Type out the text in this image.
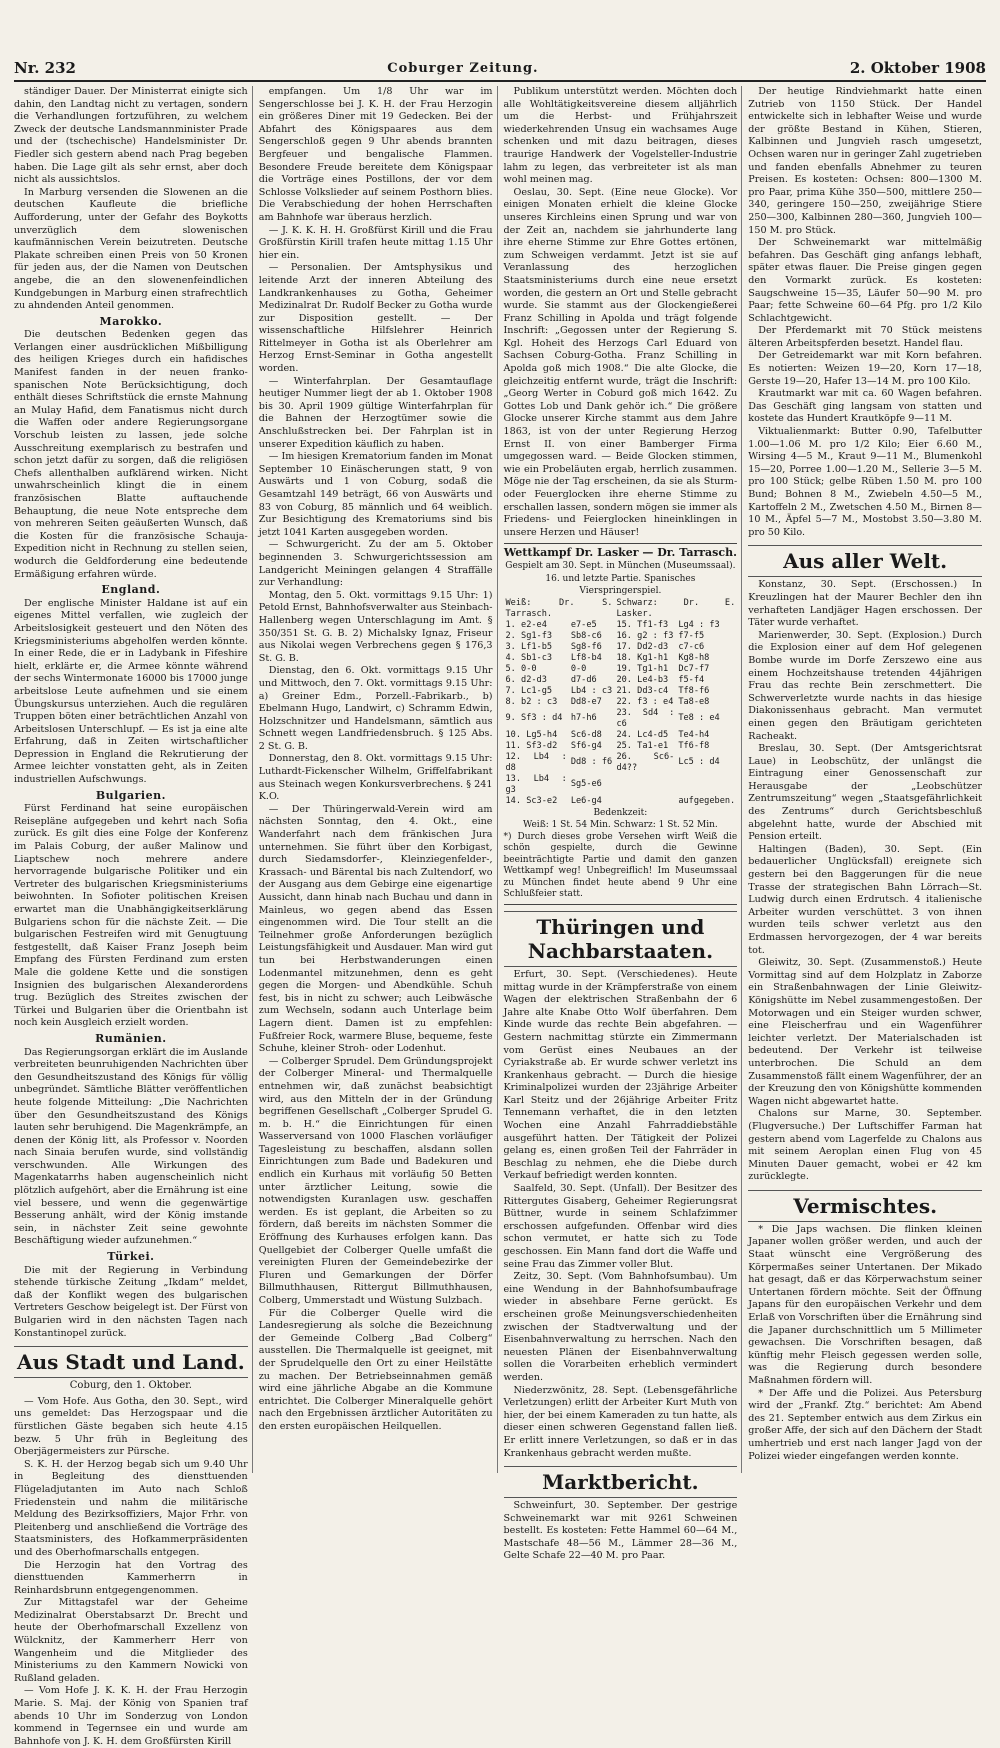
Nr. 232	Coburger Zeitung.	2. Oktober 1908

ständiger Dauer. Der Ministerrat einigte sich dahin, den Landtag nicht zu vertagen, sondern die Verhandlungen fortzuführen, zu welchem Zweck der deutsche Landsmannminister Prade und der (tschechische) Handelsminister Dr. Fiedler sich gestern abend nach Prag begeben haben. Die Lage gilt als sehr ernst, aber doch nicht als aussichtslos.

In Marburg versenden die Slowenen an die deutschen Kaufleute die briefliche Aufforderung, unter der Gefahr des Boykotts unverzüglich dem slowenischen kaufmännischen Verein beizutreten. Deutsche Plakate schreiben einen Preis von 50 Kronen für jeden aus, der die Namen von Deutschen angebe, die an den slowenenfeindlichen Kundgebungen in Marburg einen strafrechtlich zu ahndenden Anteil genommen.

Marokko.

Die deutschen Bedenken gegen das Verlangen einer ausdrücklichen Mißbilligung des heiligen Krieges durch ein hafidisches Manifest fanden in der neuen franko-spanischen Note Berücksichtigung, doch enthält dieses Schriftstück die ernste Mahnung an Mulay Hafid, dem Fanatismus nicht durch die Waffen oder andere Regierungsorgane Vorschub leisten zu lassen, jede solche Ausschreitung exemplarisch zu bestrafen und schon jetzt dafür zu sorgen, daß die religiösen Chefs allenthalben aufklärend wirken. Nicht unwahrscheinlich klingt die in einem französischen Blatte auftauchende Behauptung, die neue Note entspreche dem von mehreren Seiten geäußerten Wunsch, daß die Kosten für die französische Schauja-Expedition nicht in Rechnung zu stellen seien, wodurch die Geldforderung eine bedeutende Ermäßigung erfahren würde.

England.

Der englische Minister Haldane ist auf ein eigenes Mittel verfallen, wie zugleich der Arbeitslosigkeit gesteuert und den Nöten des Kriegsministeriums abgeholfen werden könnte. In einer Rede, die er in Ladybank in Fifeshire hielt, erklärte er, die Armee könnte während der sechs Wintermonate 16000 bis 17000 junge arbeitslose Leute aufnehmen und sie einem Übungskursus unterziehen. Auch die regulären Truppen böten einer beträchtlichen Anzahl von Arbeitslosen Unterschlupf. — Es ist ja eine alte Erfahrung, daß in Zeiten wirtschaftlicher Depression in England die Rekrutierung der Armee leichter vonstatten geht, als in Zeiten industriellen Aufschwungs.

Bulgarien.

Fürst Ferdinand hat seine europäischen Reisepläne aufgegeben und kehrt nach Sofia zurück. Es gilt dies eine Folge der Konferenz im Palais Coburg, der außer Malinow und Liaptschew noch mehrere andere hervorragende bulgarische Politiker und ein Vertreter des bulgarischen Kriegsministeriums beiwohnten. In Sofioter politischen Kreisen erwartet man die Unabhängigkeitserklärung Bulgariens schon für die nächste Zeit. — Die bulgarischen Festreifen wird mit Genugtuung festgestellt, daß Kaiser Franz Joseph beim Empfang des Fürsten Ferdinand zum ersten Male die goldene Kette und die sonstigen Insignien des bulgarischen Alexanderordens trug. Bezüglich des Streites zwischen der Türkei und Bulgarien über die Orientbahn ist noch kein Ausgleich erzielt worden.

Rumänien.

Das Regierungsorgan erklärt die im Auslande verbreiteten beunruhigenden Nachrichten über den Gesundheitszustand des Königs für völlig unbegründet. Sämtliche Blätter veröffentlichen heute folgende Mitteilung: „Die Nachrichten über den Gesundheitszustand des Königs lauten sehr beruhigend. Die Magenkrämpfe, an denen der König litt, als Professor v. Noorden nach Sinaia berufen wurde, sind vollständig verschwunden. Alle Wirkungen des Magenkatarrhs haben augenscheinlich nicht plötzlich aufgehört, aber die Ernährung ist eine viel bessere, und wenn die gegenwärtige Besserung anhält, wird der König imstande sein, in nächster Zeit seine gewohnte Beschäftigung wieder aufzunehmen.“

Türkei.

Die mit der Regierung in Verbindung stehende türkische Zeitung „Ikdam“ meldet, daß der Konflikt wegen des bulgarischen Vertreters Geschow beigelegt ist. Der Fürst von Bulgarien wird in den nächsten Tagen nach Konstantinopel zurück.

Aus Stadt und Land.
Coburg, den 1. Oktober.

— Vom Hofe. Aus Gotha, den 30. Sept., wird uns gemeldet: Das Herzogspaar und die fürstlichen Gäste begaben sich heute 4.15 bezw. 5 Uhr früh in Begleitung des Oberjägermeisters zur Pürsche.

S. K. H. der Herzog begab sich um 9.40 Uhr in Begleitung des diensttuenden Flügeladjutanten im Auto nach Schloß Friedenstein und nahm die militärische Meldung des Bezirksoffiziers, Major Frhr. von Pleitenberg und anschließend die Vorträge des Staatsministers, des Hofkammerpräsidenten und des Oberhofmarschalls entgegen.

Die Herzogin hat den Vortrag des diensttuenden Kammerherrn in Reinhardsbrunn entgegengenommen.

Zur Mittagstafel war der Geheime Medizinalrat Oberstabsarzt Dr. Brecht und heute der Oberhofmarschall Exzellenz von Wülcknitz, der Kammerherr Herr von Wangenheim und die Mitglieder des Ministeriums zu den Kammern Nowicki von Rußland geladen.

— Vom Hofe J. K. K. H. der Frau Herzogin Marie. S. Maj. der König von Spanien traf abends 10 Uhr im Sonderzug von London kommend in Tegernsee ein und wurde am Bahnhofe von J. K. H. dem Großfürsten Kirill

empfangen. Um 1/8 Uhr war im Sengerschlosse bei J. K. H. der Frau Herzogin ein größeres Diner mit 19 Gedecken. Bei der Abfahrt des Königspaares aus dem Sengerschloß gegen 9 Uhr abends brannten Bergfeuer und bengalische Flammen. Besondere Freude bereitete dem Königspaar die Vorträge eines Postillons, der vor dem Schlosse Volkslieder auf seinem Posthorn blies. Die Verabschiedung der hohen Herrschaften am Bahnhofe war überaus herzlich.

— J. K. K. H. H. Großfürst Kirill und die Frau Großfürstin Kirill trafen heute mittag 1.15 Uhr hier ein.

— Personalien. Der Amtsphysikus und leitende Arzt der inneren Abteilung des Landkrankenhauses zu Gotha, Geheimer Medizinalrat Dr. Rudolf Becker zu Gotha wurde zur Disposition gestellt. — Der wissenschaftliche Hilfslehrer Heinrich Rittelmeyer in Gotha ist als Oberlehrer am Herzog Ernst-Seminar in Gotha angestellt worden.

— Winterfahrplan. Der Gesamtauflage heutiger Nummer liegt der ab 1. Oktober 1908 bis 30. April 1909 gültige Winterfahrplan für die Bahnen der Herzogtümer sowie die Anschlußstrecken bei. Der Fahrplan ist in unserer Expedition käuflich zu haben.

— Im hiesigen Krematorium fanden im Monat September 10 Einäscherungen statt, 9 von Auswärts und 1 von Coburg, sodaß die Gesamtzahl 149 beträgt, 66 von Auswärts und 83 von Coburg, 85 männlich und 64 weiblich. Zur Besichtigung des Krematoriums sind bis jetzt 1041 Karten ausgegeben worden.

— Schwurgericht. Zu der am 5. Oktober beginnenden 3. Schwurgerichtssession am Landgericht Meiningen gelangen 4 Straffälle zur Verhandlung:

Montag, den 5. Okt. vormittags 9.15 Uhr: 1) Petold Ernst, Bahnhofsverwalter aus Steinbach-Hallenberg wegen Unterschlagung im Amt. § 350/351 St. G. B. 2) Michalsky Ignaz, Friseur aus Nikolai wegen Verbrechens gegen § 176,3 St. G. B.

Dienstag, den 6. Okt. vormittags 9.15 Uhr und Mittwoch, den 7. Okt. vormittags 9.15 Uhr: a) Greiner Edm., Porzell.-Fabrikarb., b) Ebelmann Hugo, Landwirt, c) Schramm Edwin, Holzschnitzer und Handelsmann, sämtlich aus Schnett wegen Landfriedensbruch. § 125 Abs. 2 St. G. B.

Donnerstag, den 8. Okt. vormittags 9.15 Uhr: Luthardt-Fickenscher Wilhelm, Griffelfabrikant aus Steinach wegen Konkursverbrechens. § 241 K.O.

— Der Thüringerwald-Verein wird am nächsten Sonntag, den 4. Okt., eine Wanderfahrt nach dem fränkischen Jura unternehmen. Sie führt über den Korbigast, durch Siedamsdorfer-, Kleinziegenfelder-, Krassach- und Bärental bis nach Zultendorf, wo der Ausgang aus dem Gebirge eine eigenartige Aussicht, dann hinab nach Buchau und dann in Mainleus, wo gegen abend das Essen eingenommen wird. Die Tour stellt an die Teilnehmer große Anforderungen bezüglich Leistungsfähigkeit und Ausdauer. Man wird gut tun bei Herbstwanderungen einen Lodenmantel mitzunehmen, denn es geht gegen die Morgen- und Abendkühle. Schuh fest, bis in nicht zu schwer; auch Leibwäsche zum Wechseln, sodann auch Unterlage beim Lagern dient. Damen ist zu empfehlen: Fußfreier Rock, warmere Bluse, bequeme, feste Schuhe, kleiner Stroh- oder Lodenhut.

— Colberger Sprudel. Dem Gründungsprojekt der Colberger Mineral- und Thermalquelle entnehmen wir, daß zunächst beabsichtigt wird, aus den Mitteln der in der Gründung begriffenen Gesellschaft „Colberger Sprudel G. m. b. H.“ die Einrichtungen für einen Wasserversand von 1000 Flaschen vorläufiger Tagesleistung zu beschaffen, alsdann sollen Einrichtungen zum Bade und Badekuren und endlich ein Kurhaus mit vorläufig 50 Betten unter ärztlicher Leitung, sowie die notwendigsten Kuranlagen usw. geschaffen werden. Es ist geplant, die Arbeiten so zu fördern, daß bereits im nächsten Sommer die Eröffnung des Kurhauses erfolgen kann. Das Quellgebiet der Colberger Quelle umfaßt die vereinigten Fluren der Gemeindebezirke der Fluren und Gemarkungen der Dörfer Billmuthhausen, Rittergut Billmuthhausen, Colberg, Ummerstadt und Wüstung Sulzbach.

Für die Colberger Quelle wird die Landesregierung als solche die Bezeichnung der Gemeinde Colberg „Bad Colberg“ ausstellen. Die Thermalquelle ist geeignet, mit der Sprudelquelle den Ort zu einer Heilstätte zu machen. Der Betriebseinnahmen gemäß wird eine jährliche Abgabe an die Kommune entrichtet. Die Colberger Mineralquelle gehört nach den Ergebnissen ärztlicher Autoritäten zu den ersten europäischen Heilquellen.

Publikum unterstützt werden. Möchten doch alle Wohltätigkeitsvereine diesem alljährlich um die Herbst- und Frühjahrszeit wiederkehrenden Unsug ein wachsames Auge schenken und mit dazu beitragen, dieses traurige Handwerk der Vogelsteller-Industrie lahm zu legen, das verbreiteter ist als man wohl meinen mag.

Oeslau, 30. Sept. (Eine neue Glocke). Vor einigen Monaten erhielt die kleine Glocke unseres Kirchleins einen Sprung und war von der Zeit an, nachdem sie jahrhunderte lang ihre eherne Stimme zur Ehre Gottes ertönen, zum Schweigen verdammt. Jetzt ist sie auf Veranlassung des herzoglichen Staatsministeriums durch eine neue ersetzt worden, die gestern an Ort und Stelle gebracht wurde. Sie stammt aus der Glockengießerei Franz Schilling in Apolda und trägt folgende Inschrift: „Gegossen unter der Regierung S. Kgl. Hoheit des Herzogs Carl Eduard von Sachsen Coburg-Gotha. Franz Schilling in Apolda goß mich 1908.“ Die alte Glocke, die gleichzeitig entfernt wurde, trägt die Inschrift: „Georg Werter in Coburd goß mich 1642. Zu Gottes Lob und Dank gehör ich.“ Die größere Glocke unserer Kirche stammt aus dem Jahre 1863, ist von der unter Regierung Herzog Ernst II. von einer Bamberger Firma umgegossen ward. — Beide Glocken stimmen, wie ein Probeläuten ergab, herrlich zusammen. Möge nie der Tag erscheinen, da sie als Sturm- oder Feuerglocken ihre eherne Stimme zu erschallen lassen, sondern mögen sie immer als Friedens- und Feierglocken hineinklingen in unsere Herzen und Häuser!

Wettkampf Dr. Lasker — Dr. Tarrasch.
Gespielt am 30. Sept. in München (Museumssaal).
16. und letzte Partie. Spanisches Vierspringerspiel.
Weiß: Dr. S. Tarrasch.		Schwarz: Dr. E. Lasker.	
1. e2-e4	e7-e5	15. Tf1-f3	Lg4 : f3
2. Sg1-f3	Sb8-c6	16. g2 : f3	f7-f5
3. Lf1-b5	Sg8-f6	17. Dd2-d3	c7-c6
4. Sb1-c3	Lf8-b4	18. Kg1-h1	Kg8-h8
5. 0-0	0-0	19. Tg1-h1	Dc7-f7
6. d2-d3	d7-d6	20. Le4-b3	f5-f4
7. Lc1-g5	Lb4 : c3	21. Dd3-c4	Tf8-f6
8. b2 : c3	Dd8-e7	22. f3 : e4	Ta8-e8
9. Sf3 : d4	h7-h6	23. Sd4 : c6	Te8 : e4
10. Lg5-h4	Sc6-d8	24. Lc4-d5	Te4-h4
11. Sf3-d2	Sf6-g4	25. Ta1-e1	Tf6-f8
12. Lb4 : d8	Dd8 : f6	26. Sc6-d4??	Lc5 : d4
13. Lb4 : g3	Sg5-e6		
14. Sc3-e2	Le6-g4		aufgegeben.
Bedenkzeit:
Weiß: 1 St. 54 Min. Schwarz: 1 St. 52 Min.
*) Durch dieses grobe Versehen wirft Weiß die schön gespielte, durch die Gewinne beeinträchtigte Partie und damit den ganzen Wettkampf weg! Unbegreiflich! Im Museumssaal zu München findet heute abend 9 Uhr eine Schlußfeier statt.
Thüringen und Nachbarstaaten.

Erfurt, 30. Sept. (Verschiedenes). Heute mittag wurde in der Krämpferstraße von einem Wagen der elektrischen Straßenbahn der 6 Jahre alte Knabe Otto Wolf überfahren. Dem Kinde wurde das rechte Bein abgefahren. — Gestern nachmittag stürzte ein Zimmermann vom Gerüst eines Neubaues an der Cyriakstraße ab. Er wurde schwer verletzt ins Krankenhaus gebracht. — Durch die hiesige Kriminalpolizei wurden der 23jährige Arbeiter Karl Steitz und der 26jährige Arbeiter Fritz Tennemann verhaftet, die in den letzten Wochen eine Anzahl Fahrraddiebstähle ausgeführt hatten. Der Tätigkeit der Polizei gelang es, einen großen Teil der Fahrräder in Beschlag zu nehmen, ehe die Diebe durch Verkauf befriedigt werden konnten.

Saalfeld, 30. Sept. (Unfall). Der Besitzer des Rittergutes Gisaberg, Geheimer Regierungsrat Büttner, wurde in seinem Schlafzimmer erschossen aufgefunden. Offenbar wird dies schon vermutet, er hatte sich zu Tode geschossen. Ein Mann fand dort die Waffe und seine Frau das Zimmer voller Blut.

Zeitz, 30. Sept. (Vom Bahnhofsumbau). Um eine Wendung in der Bahnhofsumbaufrage wieder in absehbare Ferne gerückt. Es erscheinen große Meinungsverschiedenheiten zwischen der Stadtverwaltung und der Eisenbahnverwaltung zu herrschen. Nach den neuesten Plänen der Eisenbahnverwaltung sollen die Vorarbeiten erheblich vermindert werden.

Niederzwönitz, 28. Sept. (Lebensgefährliche Verletzungen) erlitt der Arbeiter Kurt Muth von hier, der bei einem Kameraden zu tun hatte, als dieser einen schweren Gegenstand fallen ließ. Er erlitt innere Verletzungen, so daß er in das Krankenhaus gebracht werden mußte.

Marktbericht.

Schweinfurt, 30. September. Der gestrige Schweinemarkt war mit 9261 Schweinen bestellt. Es kosteten: Fette Hammel 60—64 M., Mastschafe 48—56 M., Lämmer 28—36 M., Gelte Schafe 22—40 M. pro Paar.

Der heutige Rindviehmarkt hatte einen Zutrieb von 1150 Stück. Der Handel entwickelte sich in lebhafter Weise und wurde der größte Bestand in Kühen, Stieren, Kalbinnen und Jungvieh rasch umgesetzt, Ochsen waren nur in geringer Zahl zugetrieben und fanden ebenfalls Abnehmer zu teuren Preisen. Es kosteten: Ochsen: 800—1300 M. pro Paar, prima Kühe 350—500, mittlere 250—340, geringere 150—250, zweijährige Stiere 250—300, Kalbinnen 280—360, Jungvieh 100—150 M. pro Stück.

Der Schweinemarkt war mittelmäßig befahren. Das Geschäft ging anfangs lebhaft, später etwas flauer. Die Preise gingen gegen den Vormarkt zurück. Es kosteten: Saugschweine 15—35, Läufer 50—90 M. pro Paar; fette Schweine 60—64 Pfg. pro 1/2 Kilo Schlachtgewicht.

Der Pferdemarkt mit 70 Stück meistens älteren Arbeitspferden besetzt. Handel flau.

Der Getreidemarkt war mit Korn befahren. Es notierten: Weizen 19—20, Korn 17—18, Gerste 19—20, Hafer 13—14 M. pro 100 Kilo.

Krautmarkt war mit ca. 60 Wagen befahren. Das Geschäft ging langsam von statten und kostete das Hundert Krautköpfe 9—11 M.

Viktualienmarkt: Butter 0.90, Tafelbutter 1.00—1.06 M. pro 1/2 Kilo; Eier 6.60 M., Wirsing 4—5 M., Kraut 9—11 M., Blumenkohl 15—20, Porree 1.00—1.20 M., Sellerie 3—5 M. pro 100 Stück; gelbe Rüben 1.50 M. pro 100 Bund; Bohnen 8 M., Zwiebeln 4.50—5 M., Kartoffeln 2 M., Zwetschen 4.50 M., Birnen 8—10 M., Äpfel 5—7 M., Mostobst 3.50—3.80 M. pro 50 Kilo.

Aus aller Welt.

Konstanz, 30. Sept. (Erschossen.) In Kreuzlingen hat der Maurer Bechler den ihn verhafteten Landjäger Hagen erschossen. Der Täter wurde verhaftet.

Marienwerder, 30. Sept. (Explosion.) Durch die Explosion einer auf dem Hof gelegenen Bombe wurde im Dorfe Zerszewo eine aus einem Hochzeitshause tretenden 44jährigen Frau das rechte Bein zerschmettert. Die Schwerverletzte wurde nachts in das hiesige Diakonissenhaus gebracht. Man vermutet einen gegen den Bräutigam gerichteten Racheakt.

Breslau, 30. Sept. (Der Amtsgerichtsrat Laue) in Leobschütz, der unlängst die Eintragung einer Genossenschaft zur Herausgabe der „Leobschützer Zentrumszeitung“ wegen „Staatsgefährlichkeit des Zentrums“ durch Gerichtsbeschluß abgelehnt hatte, wurde der Abschied mit Pension erteilt.

Haltingen (Baden), 30. Sept. (Ein bedauerlicher Unglücksfall) ereignete sich gestern bei den Baggerungen für die neue Trasse der strategischen Bahn Lörrach—St. Ludwig durch einen Erdrutsch. 4 italienische Arbeiter wurden verschüttet. 3 von ihnen wurden teils schwer verletzt aus den Erdmassen hervorgezogen, der 4 war bereits tot.

Gleiwitz, 30. Sept. (Zusammenstoß.) Heute Vormittag sind auf dem Holzplatz in Zaborze ein Straßenbahnwagen der Linie Gleiwitz-Königshütte im Nebel zusammengestoßen. Der Motorwagen und ein Steiger wurden schwer, eine Fleischerfrau und ein Wagenführer leichter verletzt. Der Materialschaden ist bedeutend. Der Verkehr ist teilweise unterbrochen. Die Schuld an dem Zusammenstoß fällt einem Wagenführer, der an der Kreuzung den von Königshütte kommenden Wagen nicht abgewartet hatte.

Chalons sur Marne, 30. September. (Flugversuche.) Der Luftschiffer Farman hat gestern abend vom Lagerfelde zu Chalons aus mit seinem Aeroplan einen Flug von 45 Minuten Dauer gemacht, wobei er 42 km zurücklegte.

Vermischtes.

* Die Japs wachsen. Die flinken kleinen Japaner wollen größer werden, und auch der Staat wünscht eine Vergrößerung des Körpermaßes seiner Untertanen. Der Mikado hat gesagt, daß er das Körperwachstum seiner Untertanen fördern möchte. Seit der Öffnung Japans für den europäischen Verkehr und dem Erlaß von Vorschriften über die Ernährung sind die Japaner durchschnittlich um 5 Millimeter gewachsen. Die Vorschriften besagen, daß künftig mehr Fleisch gegessen werden solle, was die Regierung durch besondere Maßnahmen fördern will.

* Der Affe und die Polizei. Aus Petersburg wird der „Frankf. Ztg.“ berichtet: Am Abend des 21. September entwich aus dem Zirkus ein großer Affe, der sich auf den Dächern der Stadt umhertrieb und erst nach langer Jagd von der Polizei wieder eingefangen werden konnte.
